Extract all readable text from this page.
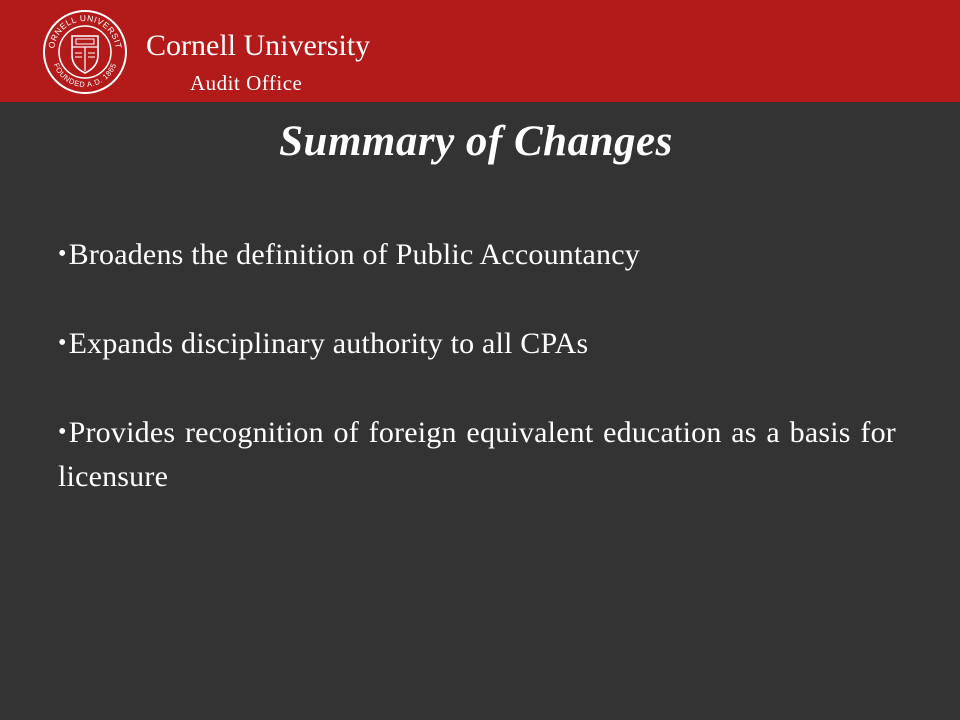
ORNELL UNIVERSIT
FOUNDED A.D. 1865
Cornell University
Audit Office
Summary of Changes
•Broadens the definition of Public Accountancy
•Expands disciplinary authority to all CPAs
•Provides recognition of foreign equivalent education as a basis for licensure
